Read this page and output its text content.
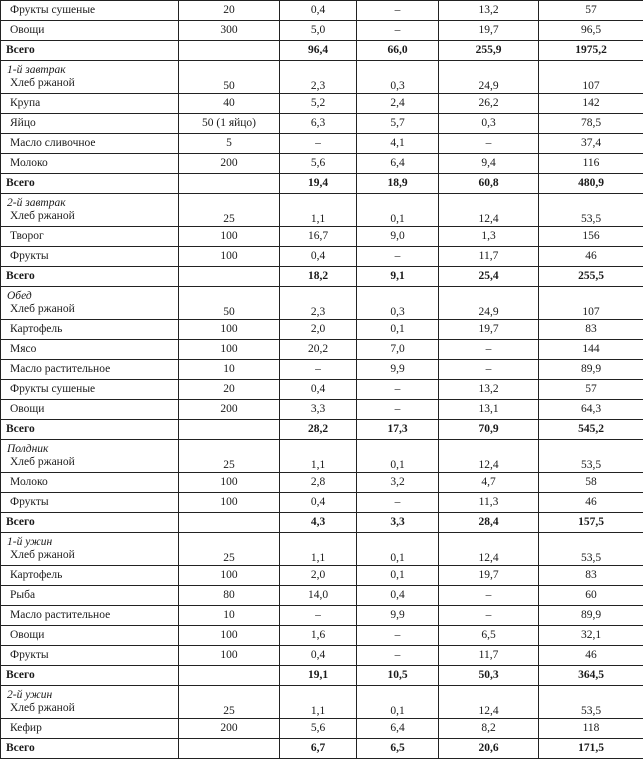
Фрукты сушеные	20	0,4	–	13,2	57
Овощи	300	5,0	–	19,7	96,5
Всего		96,4	66,0	255,9	1975,2

1-й завтрак
Хлеб ржаной	50	2,3	0,3	24,9	107
Крупа	40	5,2	2,4	26,2	142
Яйцо	50 (1 яйцо)	6,3	5,7	0,3	78,5
Масло сливочное	5	–	4,1	–	37,4
Молоко	200	5,6	6,4	9,4	116
Всего		19,4	18,9	60,8	480,9

2-й завтрак
Хлеб ржаной	25	1,1	0,1	12,4	53,5
Творог	100	16,7	9,0	1,3	156
Фрукты	100	0,4	–	11,7	46
Всего		18,2	9,1	25,4	255,5

Обед
Хлеб ржаной	50	2,3	0,3	24,9	107
Картофель	100	2,0	0,1	19,7	83
Мясо	100	20,2	7,0	–	144
Масло растительное	10	–	9,9	–	89,9
Фрукты сушеные	20	0,4	–	13,2	57
Овощи	200	3,3	–	13,1	64,3
Всего		28,2	17,3	70,9	545,2

Полдник
Хлеб ржаной	25	1,1	0,1	12,4	53,5
Молоко	100	2,8	3,2	4,7	58
Фрукты	100	0,4	–	11,3	46
Всего		4,3	3,3	28,4	157,5

1-й ужин
Хлеб ржаной	25	1,1	0,1	12,4	53,5
Картофель	100	2,0	0,1	19,7	83
Рыба	80	14,0	0,4	–	60
Масло растительное	10	–	9,9	–	89,9
Овощи	100	1,6	–	6,5	32,1
Фрукты	100	0,4	–	11,7	46
Всего		19,1	10,5	50,3	364,5

2-й ужин
Хлеб ржаной	25	1,1	0,1	12,4	53,5
Кефир	200	5,6	6,4	8,2	118
Всего		6,7	6,5	20,6	171,5
